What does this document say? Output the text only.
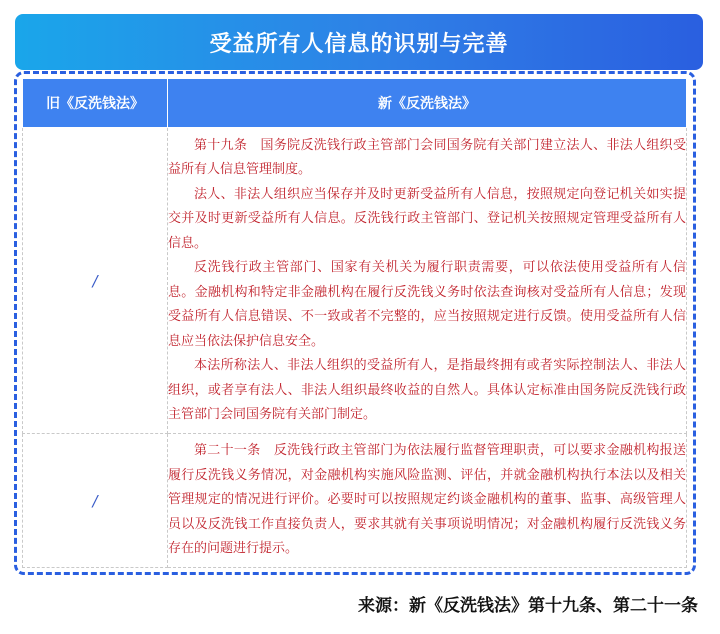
受益所有人信息的识别与完善
旧《反洗钱法》	新《反洗钱法》
/	第十九条　国务院反洗钱行政主管部门会同国务院有关部门建立法人、非法人组织受益所有人信息管理制度。

法人、非法人组织应当保存并及时更新受益所有人信息，按照规定向登记机关如实提交并及时更新受益所有人信息。反洗钱行政主管部门、登记机关按照规定管理受益所有人信息。

反洗钱行政主管部门、国家有关机关为履行职责需要，可以依法使用受益所有人信息。金融机构和特定非金融机构在履行反洗钱义务时依法查询核对受益所有人信息；发现受益所有人信息错误、不一致或者不完整的，应当按照规定进行反馈。使用受益所有人信息应当依法保护信息安全。

本法所称法人、非法人组织的受益所有人，是指最终拥有或者实际控制法人、非法人组织，或者享有法人、非法人组织最终收益的自然人。具体认定标准由国务院反洗钱行政主管部门会同国务院有关部门制定。

/	第二十一条　反洗钱行政主管部门为依法履行监督管理职责，可以要求金融机构报送履行反洗钱义务情况，对金融机构实施风险监测、评估，并就金融机构执行本法以及相关管理规定的情况进行评价。必要时可以按照规定约谈金融机构的董事、监事、高级管理人员以及反洗钱工作直接负责人，要求其就有关事项说明情况；对金融机构履行反洗钱义务存在的问题进行提示。

来源：新《反洗钱法》第十九条、第二十一条
